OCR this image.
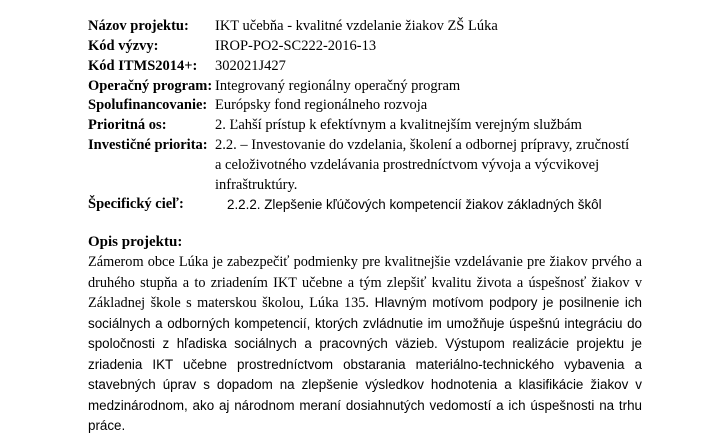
Názov projektu: IKT učebňa - kvalitné vzdelanie žiakov ZŠ Lúka
Kód výzvy:	IROP-PO2-SC222-2016-13
Kód ITMS2014+: 302021J427
Operačný program: Integrovaný regionálny operačný program
Spolufinancovanie: Európsky fond regionálneho rozvoja
Prioritná os:	2. Ľahší prístup k efektívnym a kvalitnejším verejným službám
Investičné priorita: 2.2. – Investovanie do vzdelania, školení a odbornej prípravy, zručností
a celoživotného vzdelávania prostredníctvom vývoja a výcvikovej
infraštruktúry.
Špecifický cieľ:	2.2.2. Zlepšenie kľúčových kompetencií žiakov základných škôl
Opis projektu:
Zámerom obce Lúka je zabezpečiť podmienky pre kvalitnejšie vzdelávanie pre žiakov prvého a druhého stupňa a to zriadením IKT učebne a tým zlepšiť kvalitu života a úspešnosť žiakov v Základnej škole s materskou školou, Lúka 135. Hlavným motívom podpory je posilnenie ich sociálnych a odborných kompetencií, ktorých zvládnutie im umožňuje úspešnú integráciu do spoločnosti z hľadiska sociálnych a pracovných väzieb. Výstupom realizácie projektu je zriadenia IKT učebne prostredníctvom obstarania materiálno-technického vybavenia a stavebných úprav s dopadom na zlepšenie výsledkov hodnotenia a klasifikácie žiakov v medzinárodnom, ako aj národnom meraní dosiahnutých vedomostí a ich úspešnosti na trhu práce.
